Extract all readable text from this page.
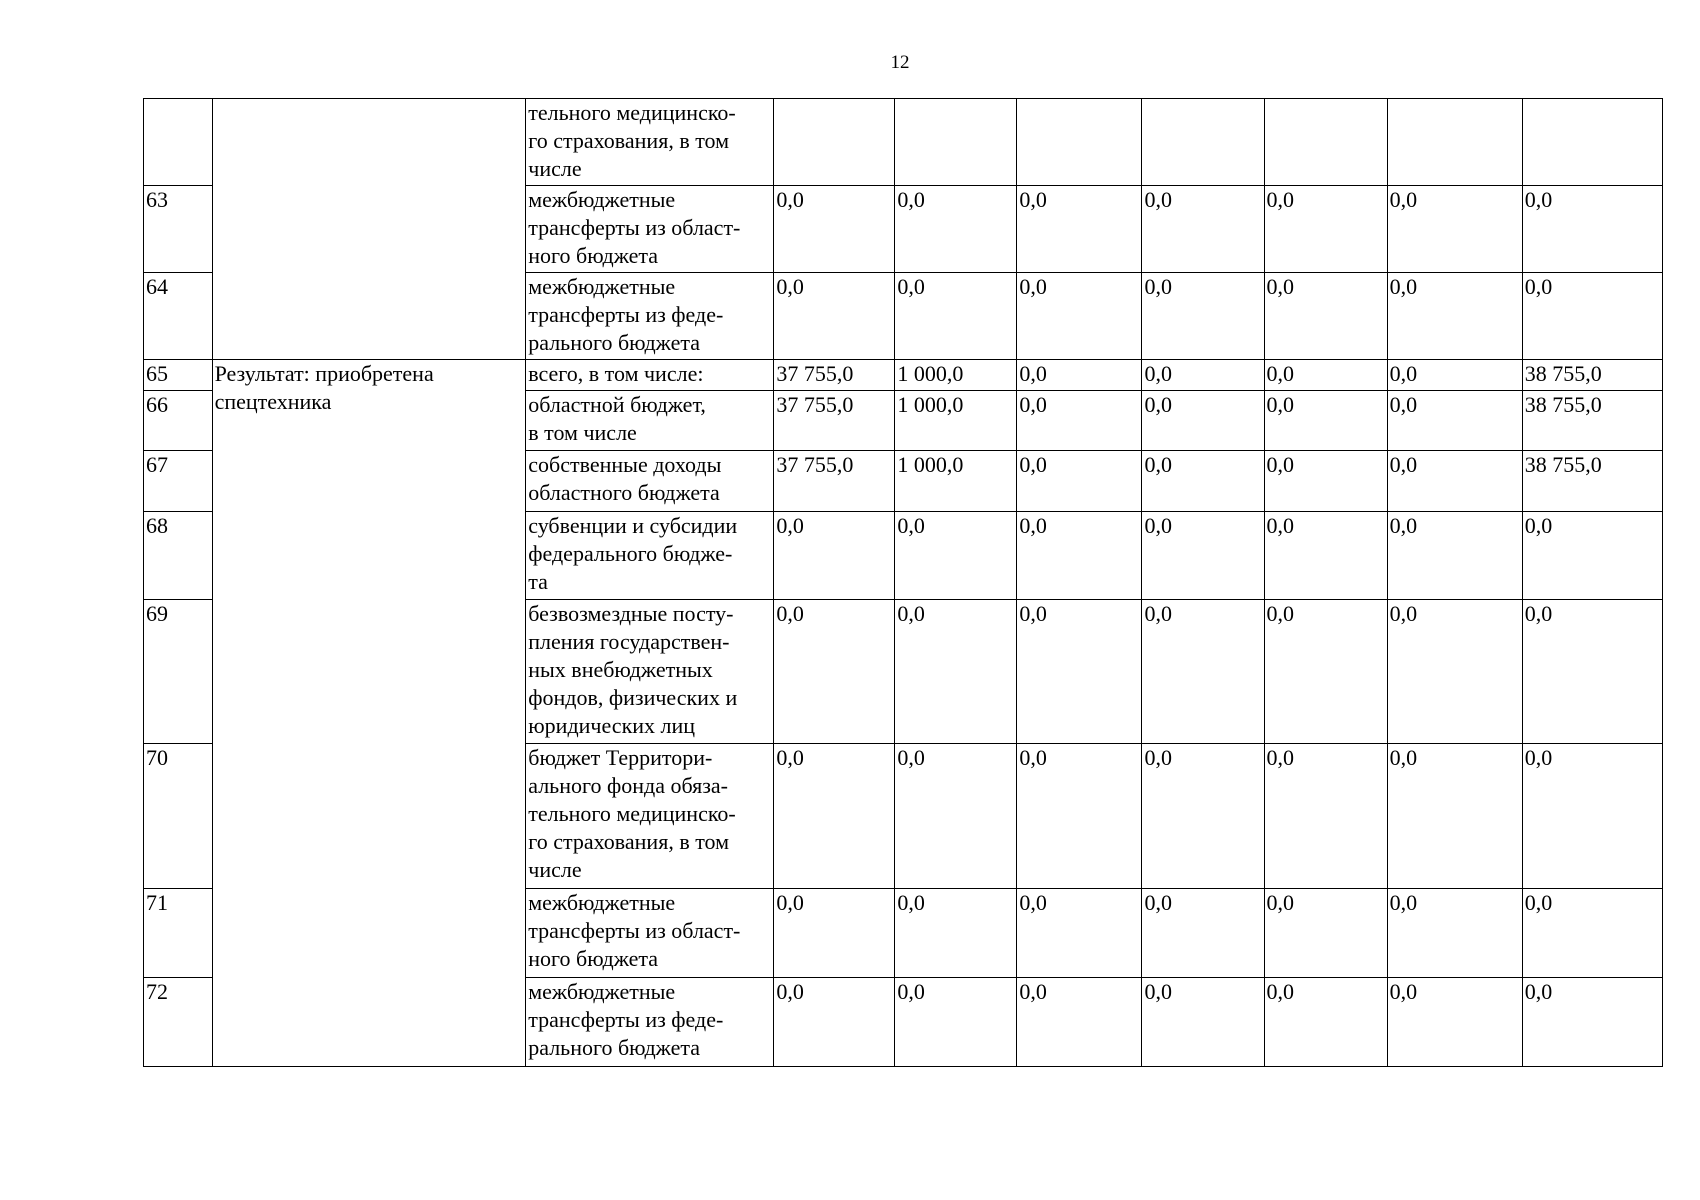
12
		тельного медицинско-
го страхования, в том
числе							
63		межбюджетные
трансферты из област-
ного бюджета	0,0	0,0	0,0	0,0	0,0	0,0	0,0
64		межбюджетные
трансферты из феде-
рального бюджета	0,0	0,0	0,0	0,0	0,0	0,0	0,0
65	Результат: приобретена спецтехника	всего, в том числе:	37 755,0	1 000,0	0,0	0,0	0,0	0,0	38 755,0
66		областной бюджет,
в том числе	37 755,0	1 000,0	0,0	0,0	0,0	0,0	38 755,0
67		собственные доходы
областного бюджета	37 755,0	1 000,0	0,0	0,0	0,0	0,0	38 755,0
68		субвенции и субсидии
федерального бюдже-
та	0,0	0,0	0,0	0,0	0,0	0,0	0,0
69		безвозмездные посту-
пления государствен-
ных внебюджетных
фондов, физических и
юридических лиц	0,0	0,0	0,0	0,0	0,0	0,0	0,0
70		бюджет Территори-
ального фонда обяза-
тельного медицинско-
го страхования, в том
числе	0,0	0,0	0,0	0,0	0,0	0,0	0,0
71		межбюджетные
трансферты из област-
ного бюджета	0,0	0,0	0,0	0,0	0,0	0,0	0,0
72		межбюджетные
трансферты из феде-
рального бюджета	0,0	0,0	0,0	0,0	0,0	0,0	0,0
